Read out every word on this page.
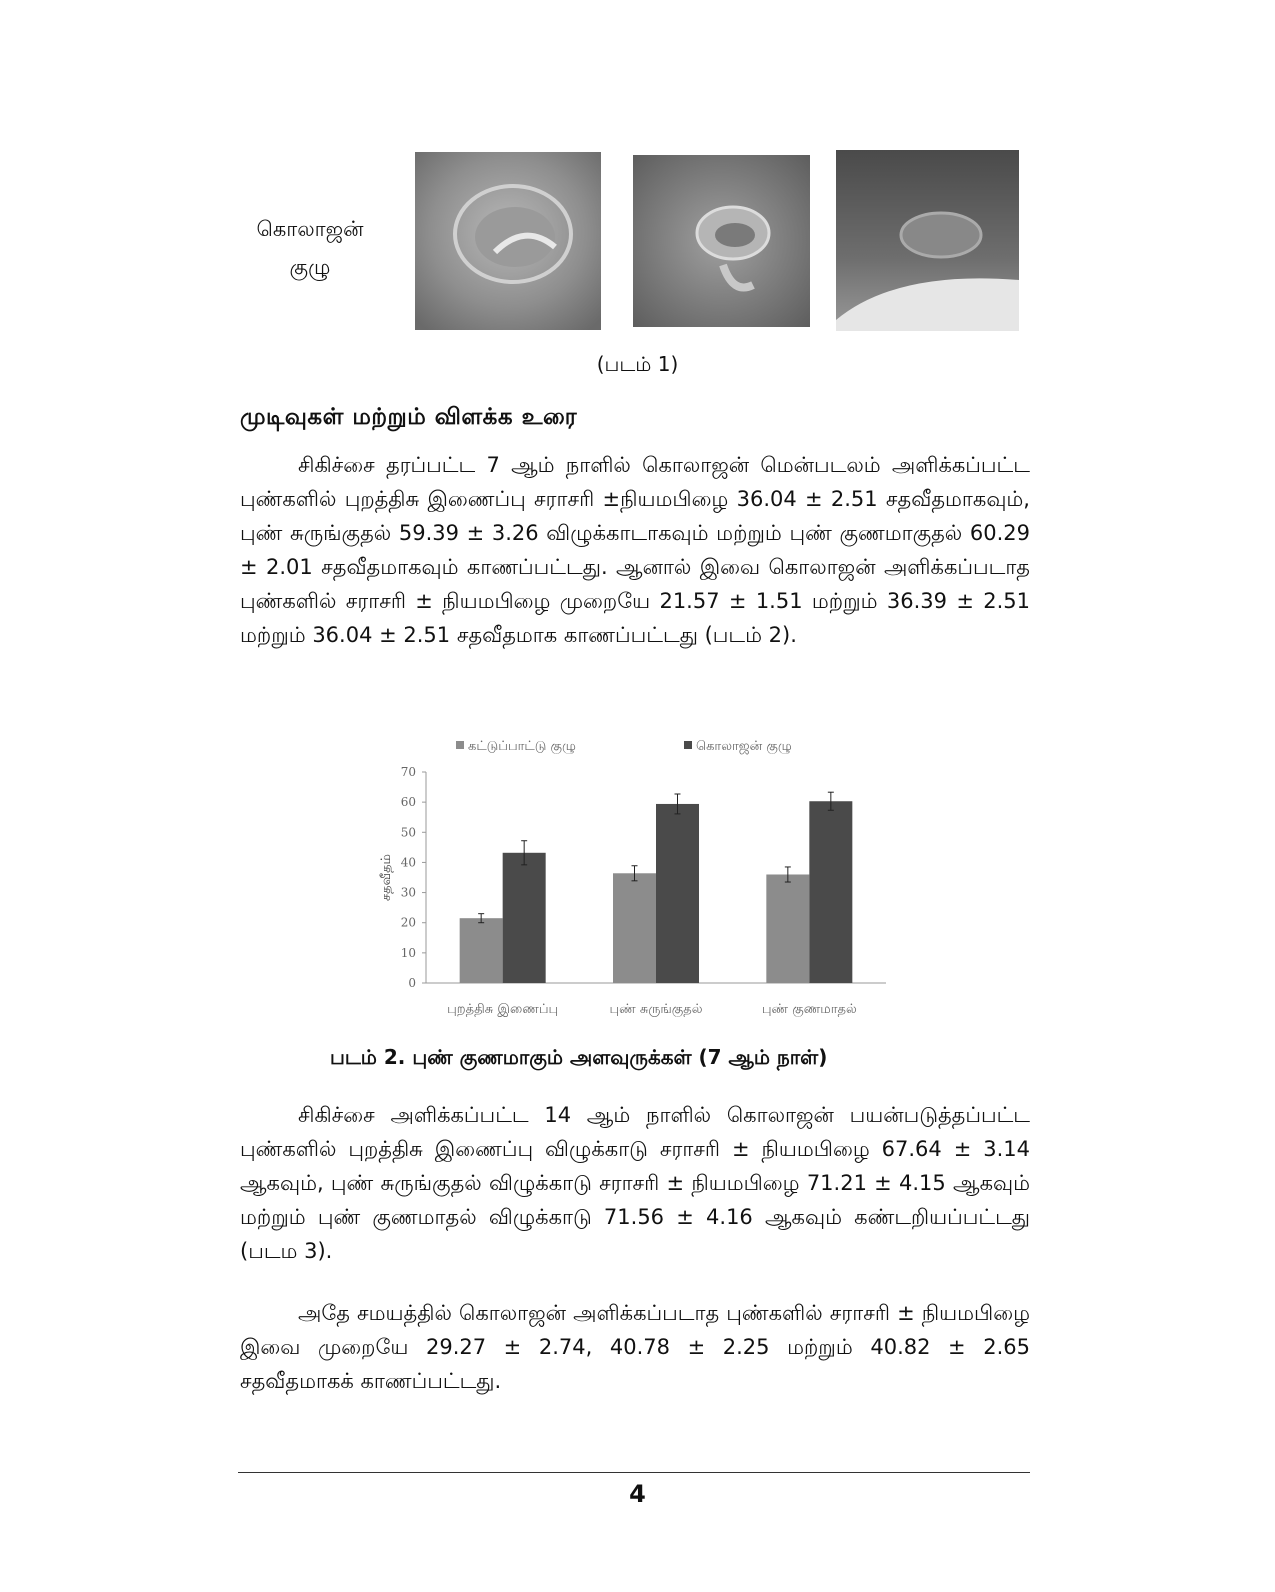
கொலாஜன்
குழு
(படம் 1)
முடிவுகள் மற்றும் விளக்க உரை

சிகிச்சை தரப்பட்ட 7 ஆம் நாளில் கொலாஜன் மென்படலம் அளிக்கப்பட்ட புண்களில் புறத்திசு இணைப்பு சராசரி ±நியமபிழை 36.04 ± 2.51 சதவீதமாகவும், புண் சுருங்குதல் 59.39 ± 3.26 விழுக்காடாகவும் மற்றும் புண் குணமாகுதல் 60.29 ± 2.01 சதவீதமாகவும் காணப்பட்டது. ஆனால் இவை கொலாஜன் அளிக்கப்படாத புண்களில் சராசரி ± நியமபிழை முறையே 21.57 ± 1.51 மற்றும் 36.39 ± 2.51 மற்றும் 36.04 ± 2.51 சதவீதமாக காணப்பட்டது (படம் 2).

0
10
20
30
40
50
60
70
சதவீதம்
புறத்திசு இணைப்பு	புண் சுருங்குதல்	புண் குணமாதல்
கட்டுப்பாட்டு குழு	கொலாஜன் குழு
படம் 2. புண் குணமாகும் அளவுருக்கள் (7 ஆம் நாள்)

சிகிச்சை அளிக்கப்பட்ட 14 ஆம் நாளில் கொலாஜன் பயன்படுத்தப்பட்ட புண்களில் புறத்திசு இணைப்பு விழுக்காடு சராசரி ± நியமபிழை 67.64 ± 3.14 ஆகவும், புண் சுருங்குதல் விழுக்காடு சராசரி ± நியமபிழை 71.21 ± 4.15 ஆகவும் மற்றும் புண் குணமாதல் விழுக்காடு 71.56 ± 4.16 ஆகவும் கண்டறியப்பட்டது (படம 3).

அதே சமயத்தில் கொலாஜன் அளிக்கப்படாத புண்களில் சராசரி ± நியமபிழை இவை முறையே 29.27 ± 2.74, 40.78 ± 2.25 மற்றும் 40.82 ± 2.65 சதவீதமாகக் காணப்பட்டது.

4
